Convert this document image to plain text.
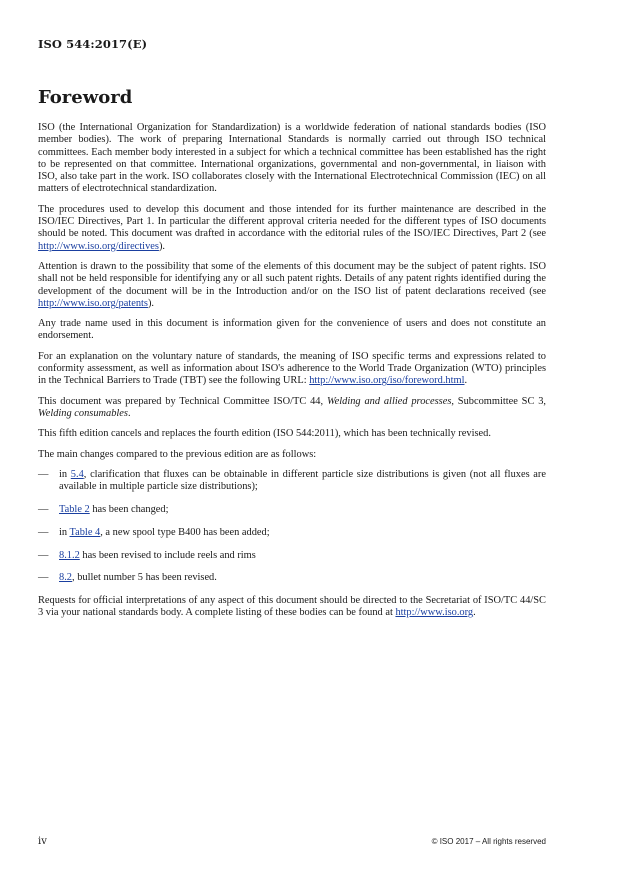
ISO 544:2017(E)
Foreword

ISO (the International Organization for Standardization) is a worldwide federation of national standards bodies (ISO member bodies). The work of preparing International Standards is normally carried out through ISO technical committees. Each member body interested in a subject for which a technical committee has been established has the right to be represented on that committee. International organizations, governmental and non-governmental, in liaison with ISO, also take part in the work. ISO collaborates closely with the International Electrotechnical Commission (IEC) on all matters of electrotechnical standardization.

The procedures used to develop this document and those intended for its further maintenance are described in the ISO/IEC Directives, Part 1. In particular the different approval criteria needed for the different types of ISO documents should be noted. This document was drafted in accordance with the editorial rules of the ISO/IEC Directives, Part 2 (see http://www.iso.org/directives).

Attention is drawn to the possibility that some of the elements of this document may be the subject of patent rights. ISO shall not be held responsible for identifying any or all such patent rights. Details of any patent rights identified during the development of the document will be in the Introduction and/or on the ISO list of patent declarations received (see http://www.iso.org/patents).

Any trade name used in this document is information given for the convenience of users and does not constitute an endorsement.

For an explanation on the voluntary nature of standards, the meaning of ISO specific terms and expressions related to conformity assessment, as well as information about ISO's adherence to the World Trade Organization (WTO) principles in the Technical Barriers to Trade (TBT) see the following URL: http://www.iso.org/iso/foreword.html.

This document was prepared by Technical Committee ISO/TC 44, Welding and allied processes, Subcommittee SC 3, Welding consumables.

This fifth edition cancels and replaces the fourth edition (ISO 544:2011), which has been technically revised.

The main changes compared to the previous edition are as follows:

— in 5.4, clarification that fluxes can be obtainable in different particle size distributions is given (not all fluxes are available in multiple particle size distributions);
— Table 2 has been changed;
— in Table 4, a new spool type B400 has been added;
— 8.1.2 has been revised to include reels and rims
— 8.2, bullet number 5 has been revised.

Requests for official interpretations of any aspect of this document should be directed to the Secretariat of ISO/TC 44/SC 3 via your national standards body. A complete listing of these bodies can be found at http://www.iso.org.

iv	© ISO 2017 – All rights reserved
